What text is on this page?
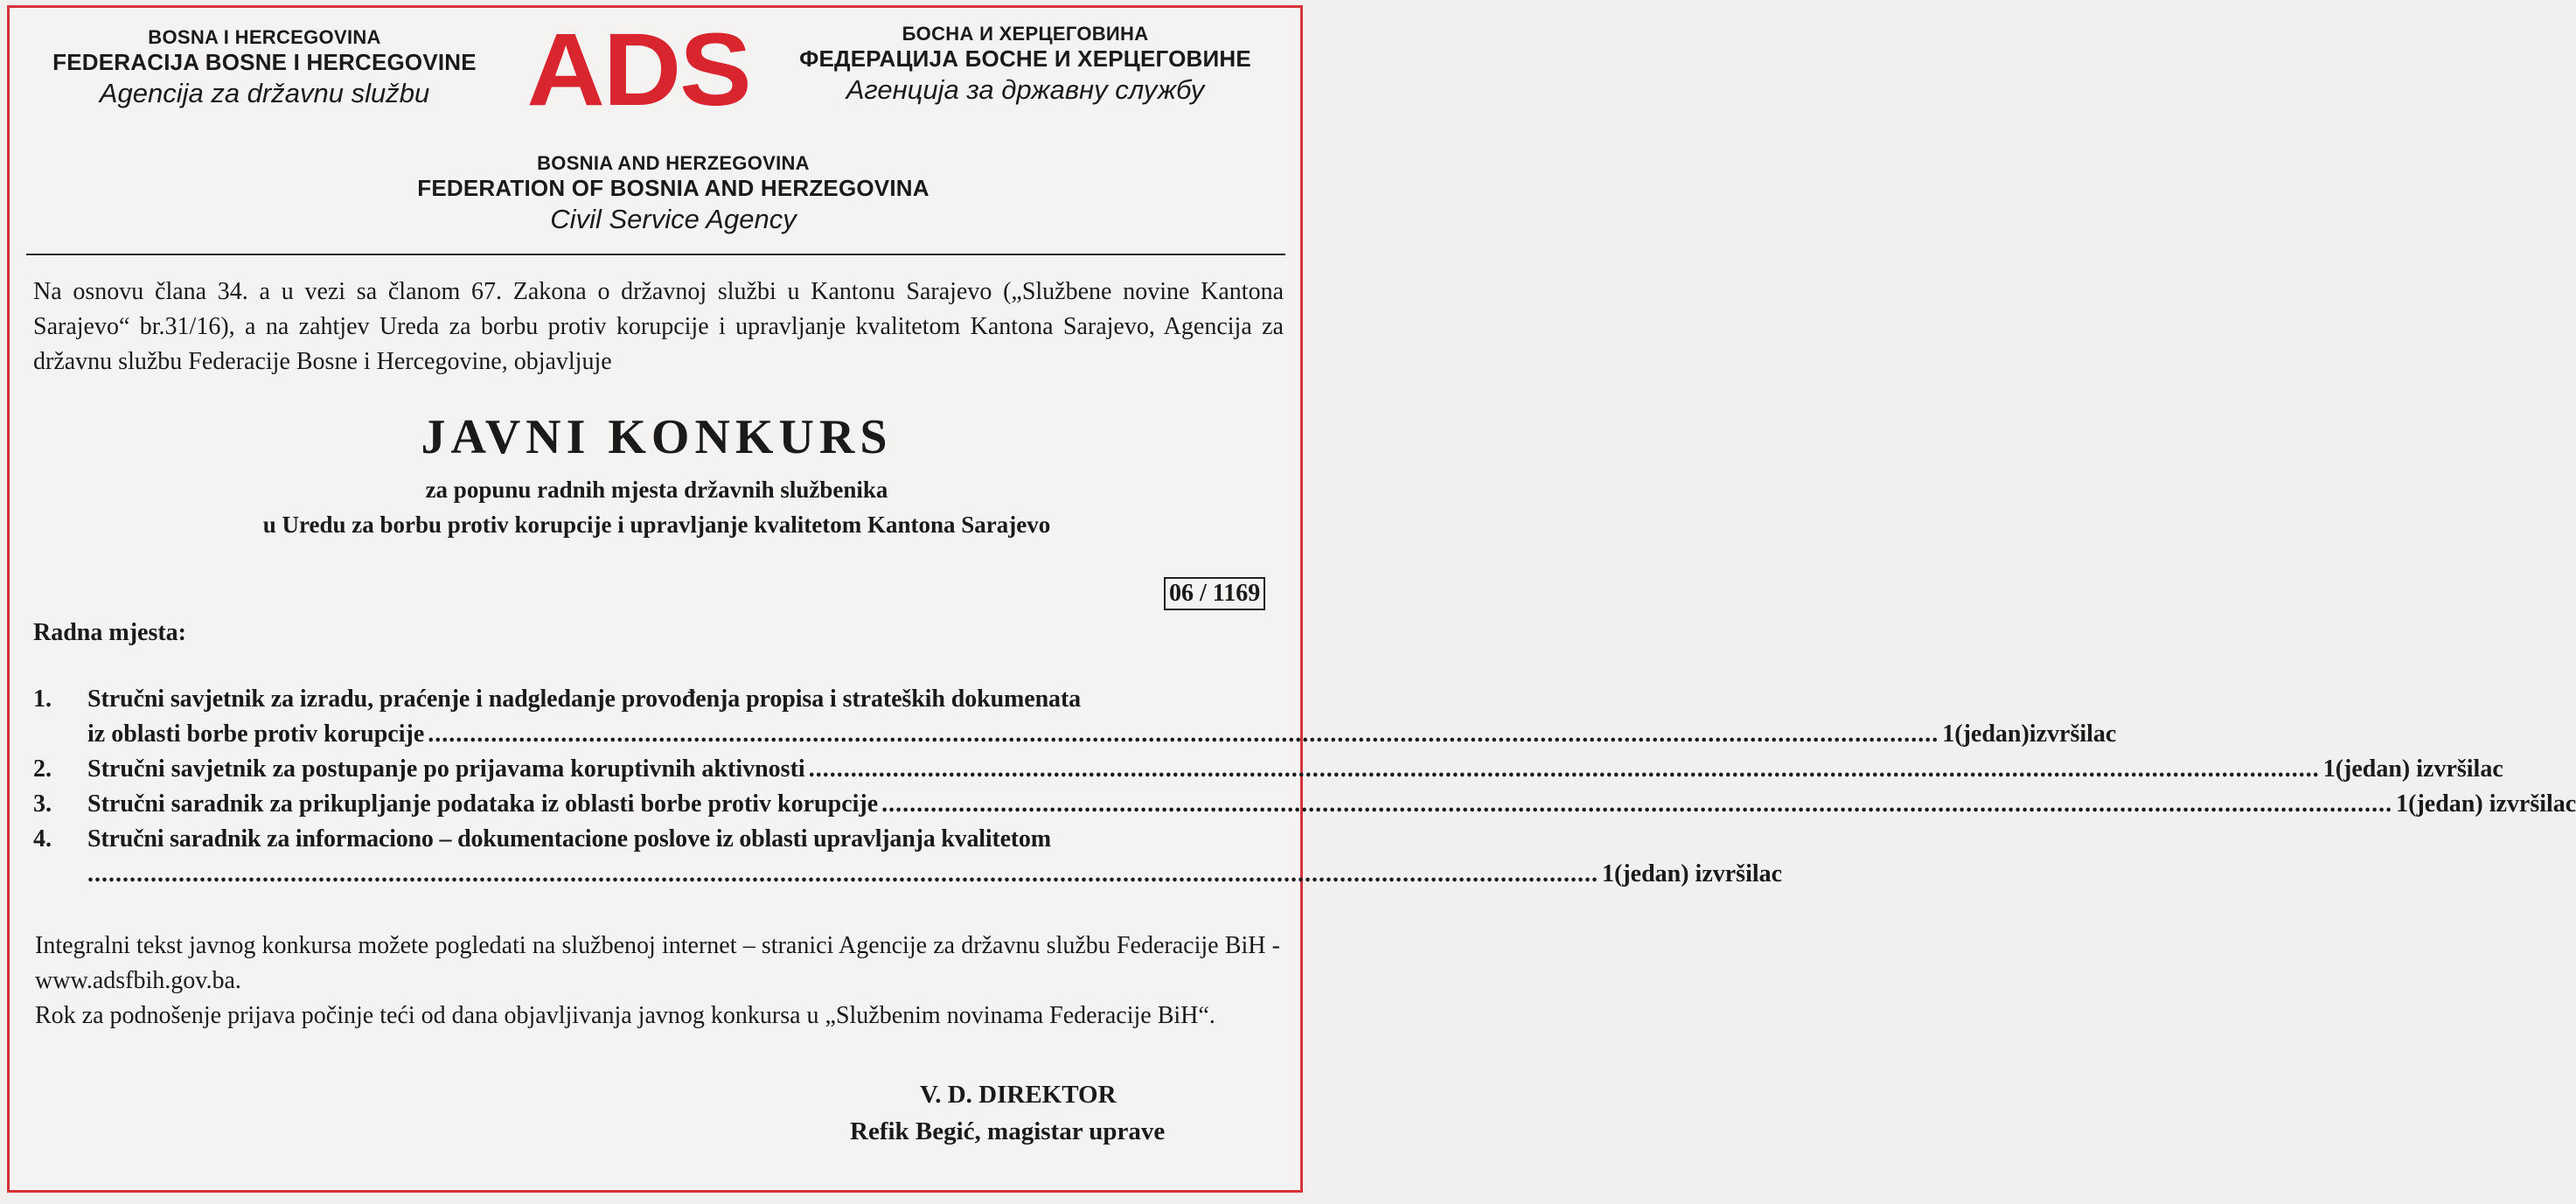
BOSNA I HERCEGOVINA
FEDERACIJA BOSNE I HERCEGOVINE
Agencija za državnu službu ADS	БОСНА И ХЕРЦЕГОВИНА
ФЕДЕРАЦИЈА БОСНЕ И ХЕРЦЕГОВИНЕ
Агенција за државну службу
BOSNIA AND HERZEGOVINA
FEDERATION OF BOSNIA AND HERZEGOVINA
Civil Service Agency
Na osnovu člana 34. a u vezi sa članom 67. Zakona o državnoj službi u Kantonu Sarajevo („Službene novine Kantona Sarajevo“ br.31/16), a na zahtjev Ureda za borbu protiv korupcije i upravljanje kvalitetom Kantona Sarajevo, Agencija za državnu službu Federacije Bosne i Hercegovine, objavljuje
JAVNI KONKURS
za popunu radnih mjesta državnih službenika
u Uredu za borbu protiv korupcije i upravljanje kvalitetom Kantona Sarajevo
06 / 1169
Radna mjesta:
1.	Stručni savjetnik za izradu, praćenje i nadgledanje provođenja propisa i strateških dokumenata
iz oblasti borbe protiv korupcije .....	1(jedan)izvršilac
2.	Stručni savjetnik za postupanje po prijavama koruptivnih aktivnosti .....	1(jedan) izvršilac
3.	Stručni saradnik za prikupljanje podataka iz oblasti borbe protiv korupcije .....	1(jedan) izvršilac
4.	Stručni saradnik za informaciono – dokumentacione poslove iz oblasti upravljanja kvalitetom
.....
1(jedan) izvršilac

Integralni tekst javnog konkursa možete pogledati na službenoj internet – stranici Agencije za državnu službu Federacije BiH - www.adsfbih.gov.ba.

Rok za podnošenje prijava počinje teći od dana objavljivanja javnog konkursa u „Službenim novinama Federacije BiH“.

V. D. DIREKTOR
Refik Begić, magistar uprave
